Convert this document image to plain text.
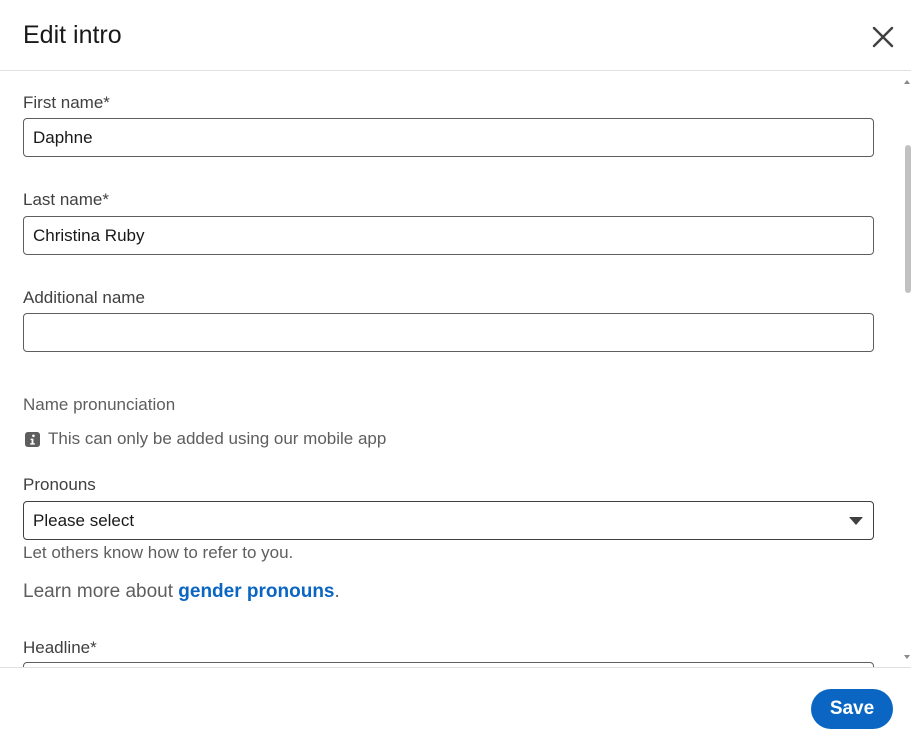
Edit intro
First name*
Daphne
Last name*
Christina Ruby
Additional name
Name pronunciation
This can only be added using our mobile app
Pronouns
Please select
Let others know how to refer to you.
Learn more about gender pronouns.
Headline*
Save
